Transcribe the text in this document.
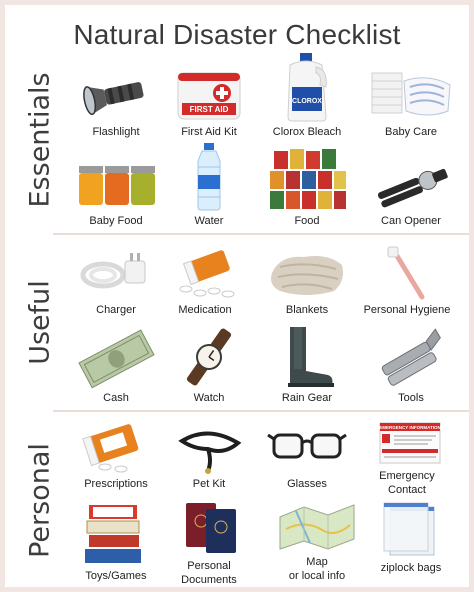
Natural Disaster Checklist
Essentials
Useful
Personal
Flashlight
FIRST AID
First Aid Kit
CLOROX
Clorox Bleach	Baby Care
Baby Food	Water	Food	Can Opener
Charger	Medication	Blankets	Personal Hygiene
Cash	Watch	Rain Gear	Tools
Prescriptions	Pet Kit	Glasses
EMERGENCY INFORMATION
Emergency
Contact
Toys/Games
Personal
Documents
Map
or local info
ziplock bags
